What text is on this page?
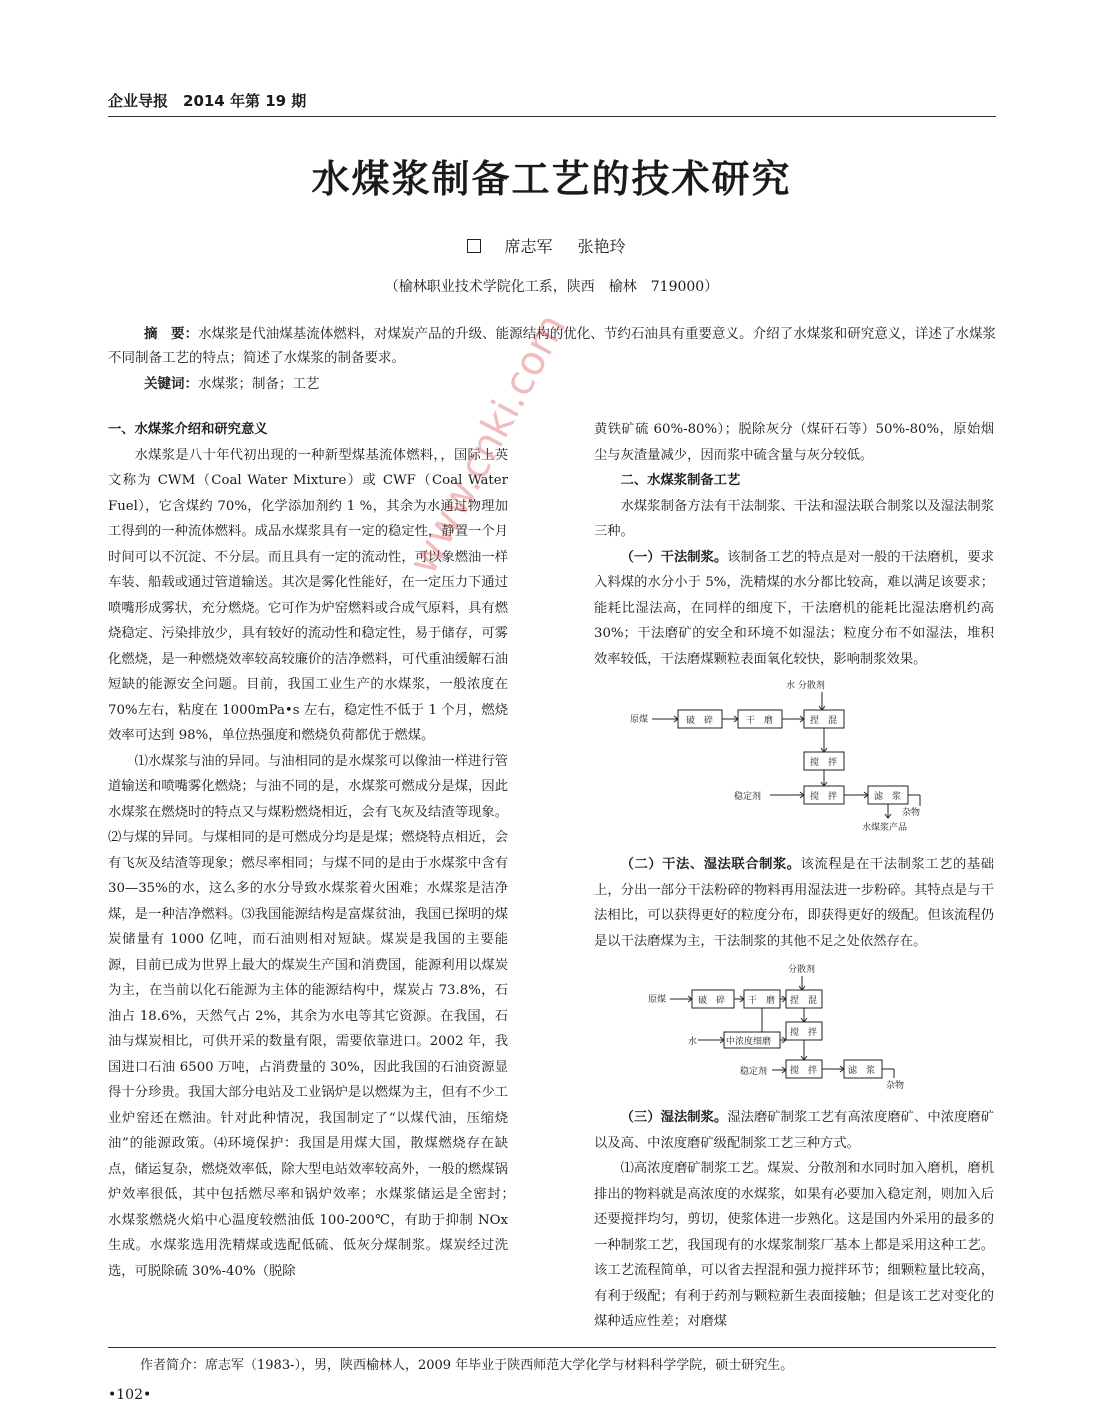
企业导报　2014 年第 19 期
水煤浆制备工艺的技术研究
席志军 张艳玲
（榆林职业技术学院化工系，陕西　榆林　719000）
摘　要：水煤浆是代油煤基流体燃料，对煤炭产品的升级、能源结构的优化、节约石油具有重要意义。介绍了水煤浆和研究意义，详述了水煤浆不同制备工艺的特点；简述了水煤浆的制备要求。
关键词：水煤浆；制备；工艺
一、水煤浆介绍和研究意义

水煤浆是八十年代初出现的一种新型煤基流体燃料，，国际上英文称为 CWM（Coal Water Mixture）或 CWF（Coal Water Fuel），它含煤约 70%，化学添加剂约 1 %，其余为水通过物理加工得到的一种流体燃料。成品水煤浆具有一定的稳定性，静置一个月时间可以不沉淀、不分层。而且具有一定的流动性，可以象燃油一样车装、船载或通过管道输送。其次是雾化性能好，在一定压力下通过喷嘴形成雾状，充分燃烧。它可作为炉窑燃料或合成气原料，具有燃烧稳定、污染排放少，具有较好的流动性和稳定性，易于储存，可雾化燃烧，是一种燃烧效率较高较廉价的洁净燃料，可代重油缓解石油短缺的能源安全问题。目前，我国工业生产的水煤浆，一般浓度在 70%左右，粘度在 1000mPa•s 左右，稳定性不低于 1 个月，燃烧效率可达到 98%，单位热强度和燃烧负荷都优于燃煤。

⑴水煤浆与油的异同。与油相同的是水煤浆可以像油一样进行管道输送和喷嘴雾化燃烧；与油不同的是，水煤浆可燃成分是煤，因此水煤浆在燃烧时的特点又与煤粉燃烧相近，会有飞灰及结渣等现象。⑵与煤的异同。与煤相同的是可燃成分均是是煤；燃烧特点相近，会有飞灰及结渣等现象；燃尽率相同；与煤不同的是由于水煤浆中含有 30—35%的水，这么多的水分导致水煤浆着火困难；水煤浆是洁净煤，是一种洁净燃料。⑶我国能源结构是富煤贫油，我国已探明的煤炭储量有 1000 亿吨，而石油则相对短缺。煤炭是我国的主要能源，目前已成为世界上最大的煤炭生产国和消费国，能源利用以煤炭为主，在当前以化石能源为主体的能源结构中，煤炭占 73.8%，石油占 18.6%，天然气占 2%，其余为水电等其它资源。在我国，石油与煤炭相比，可供开采的数量有限，需要依靠进口。2002 年，我国进口石油 6500 万吨，占消费量的 30%，因此我国的石油资源显得十分珍贵。我国大部分电站及工业锅炉是以燃煤为主，但有不少工业炉窑还在燃油。针对此种情况，我国制定了“以煤代油，压缩烧油”的能源政策。⑷环境保护：我国是用煤大国，散煤燃烧存在缺点，储运复杂，燃烧效率低，除大型电站效率较高外，一般的燃煤锅炉效率很低，其中包括燃尽率和锅炉效率；水煤浆储运是全密封；　水煤浆燃烧火焰中心温度较燃油低 100-200℃，有助于抑制 NOx 生成。水煤浆选用洗精煤或选配低硫、低灰分煤制浆。煤炭经过洗选，可脱除硫 30%-40%（脱除

黄铁矿硫 60%-80%）；脱除灰分（煤矸石等）50%-80%，原始烟尘与灰渣量减少，因而浆中硫含量与灰分较低。

二、水煤浆制备工艺

水煤浆制备方法有干法制浆、干法和湿法联合制浆以及湿法制浆三种。

（一）干法制浆。该制备工艺的特点是对一般的干法磨机，要求入料煤的水分小于 5%，洗精煤的水分都比较高，难以满足该要求；能耗比湿法高，在同样的细度下，干法磨机的能耗比湿法磨机约高 30%；干法磨矿的安全和环境不如湿法；粒度分布不如湿法，堆积效率较低，干法磨煤颗粒表面氧化较快，影响制浆效果。

原煤	破　碎	干　磨
水 分散剂
捏　混
搅　拌
稳定剂	搅　拌	滤　浆
杂物
水煤浆产品

（二）干法、湿法联合制浆。该流程是在干法制浆工艺的基础上，分出一部分干法粉碎的物料再用湿法进一步粉碎。其特点是与干法相比，可以获得更好的粒度分布，即获得更好的级配。但该流程仍是以干法磨煤为主，干法制浆的其他不足之处依然存在。

分散剂
原煤	破　碎	干　磨 捏　混
水	中浓度细磨
搅　拌
稳定剂	搅　拌	滤　浆
杂物

（三）湿法制浆。湿法磨矿制浆工艺有高浓度磨矿、中浓度磨矿以及高、中浓度磨矿级配制浆工艺三种方式。

⑴高浓度磨矿制浆工艺。煤炭、分散剂和水同时加入磨机，磨机排出的物料就是高浓度的水煤浆，如果有必要加入稳定剂，则加入后还要搅拌均匀，剪切，使浆体进一步熟化。这是国内外采用的最多的一种制浆工艺，我国现有的水煤浆制浆厂基本上都是采用这种工艺。该工艺流程简单，可以省去捏混和强力搅拌环节；细颗粒量比较高，有利于级配；有利于药剂与颗粒新生表面接触；但是该工艺对变化的煤种适应性差；对磨煤

作者简介：席志军（1983-），男，陕西榆林人，2009 年毕业于陕西师范大学化学与材料科学学院，硕士研究生。
•102•
www.cnki.com
